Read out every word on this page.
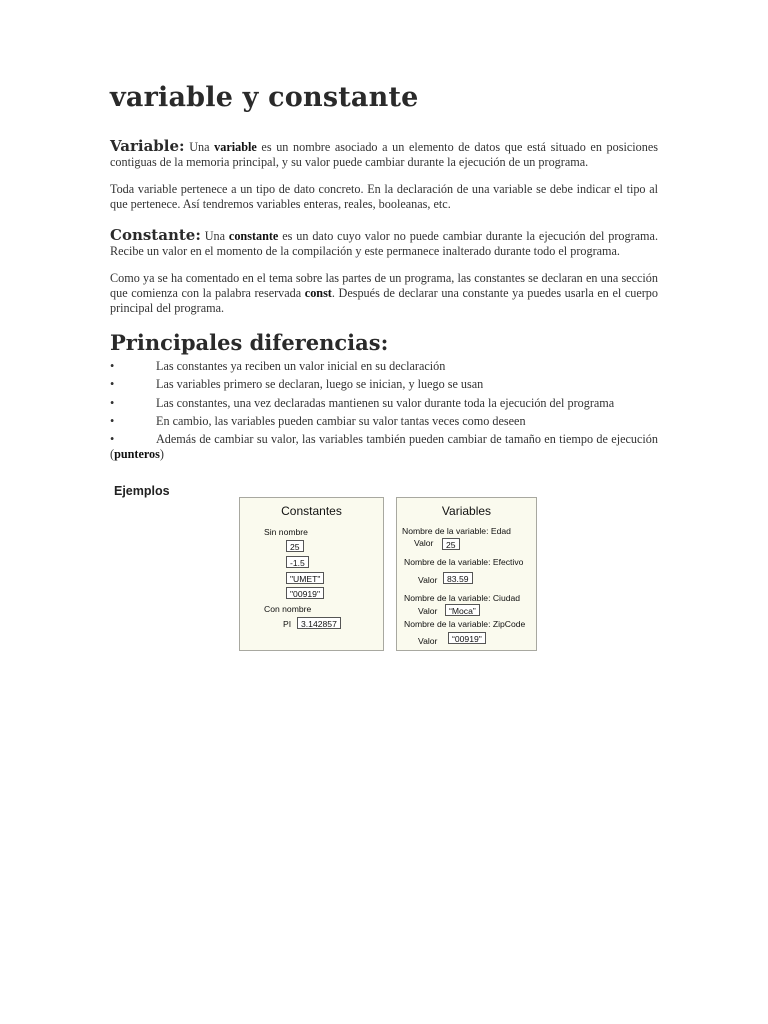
variable y constante

Variable: Una variable es un nombre asociado a un elemento de datos que está situado en posiciones contiguas de la memoria principal, y su valor puede cambiar durante la ejecución de un programa.

Toda variable pertenece a un tipo de dato concreto. En la declaración de una variable se debe indicar el tipo al que pertenece. Así tendremos variables enteras, reales, booleanas, etc.

Constante: Una constante es un dato cuyo valor no puede cambiar durante la ejecución del programa. Recibe un valor en el momento de la compilación y este permanece inalterado durante todo el programa.

Como ya se ha comentado en el tema sobre las partes de un programa, las constantes se declaran en una sección que comienza con la palabra reservada const. Después de declarar una constante ya puedes usarla en el cuerpo principal del programa.

Principales diferencias:
•	Las constantes ya reciben un valor inicial en su declaración
•	Las variables primero se declaran, luego se inician, y luego se usan
•	Las constantes, una vez declaradas mantienen su valor durante toda la ejecución del programa
•	En cambio, las variables pueden cambiar su valor tantas veces como deseen
•	Además de cambiar su valor, las variables también pueden cambiar de tamaño en tiempo de ejecución (punteros)
Ejemplos
Constantes
Sin nombre
25
-1.5
"UMET"
"00919"
Con nombre
PI	3.142857
Variables
Nombre de la variable: Edad
Valor	25
Nombre de la variable: Efectivo
Valor	83.59
Nombre de la variable: Ciudad
Valor	“Moca”
Nombre de la variable: ZipCode
Valor	“00919"
